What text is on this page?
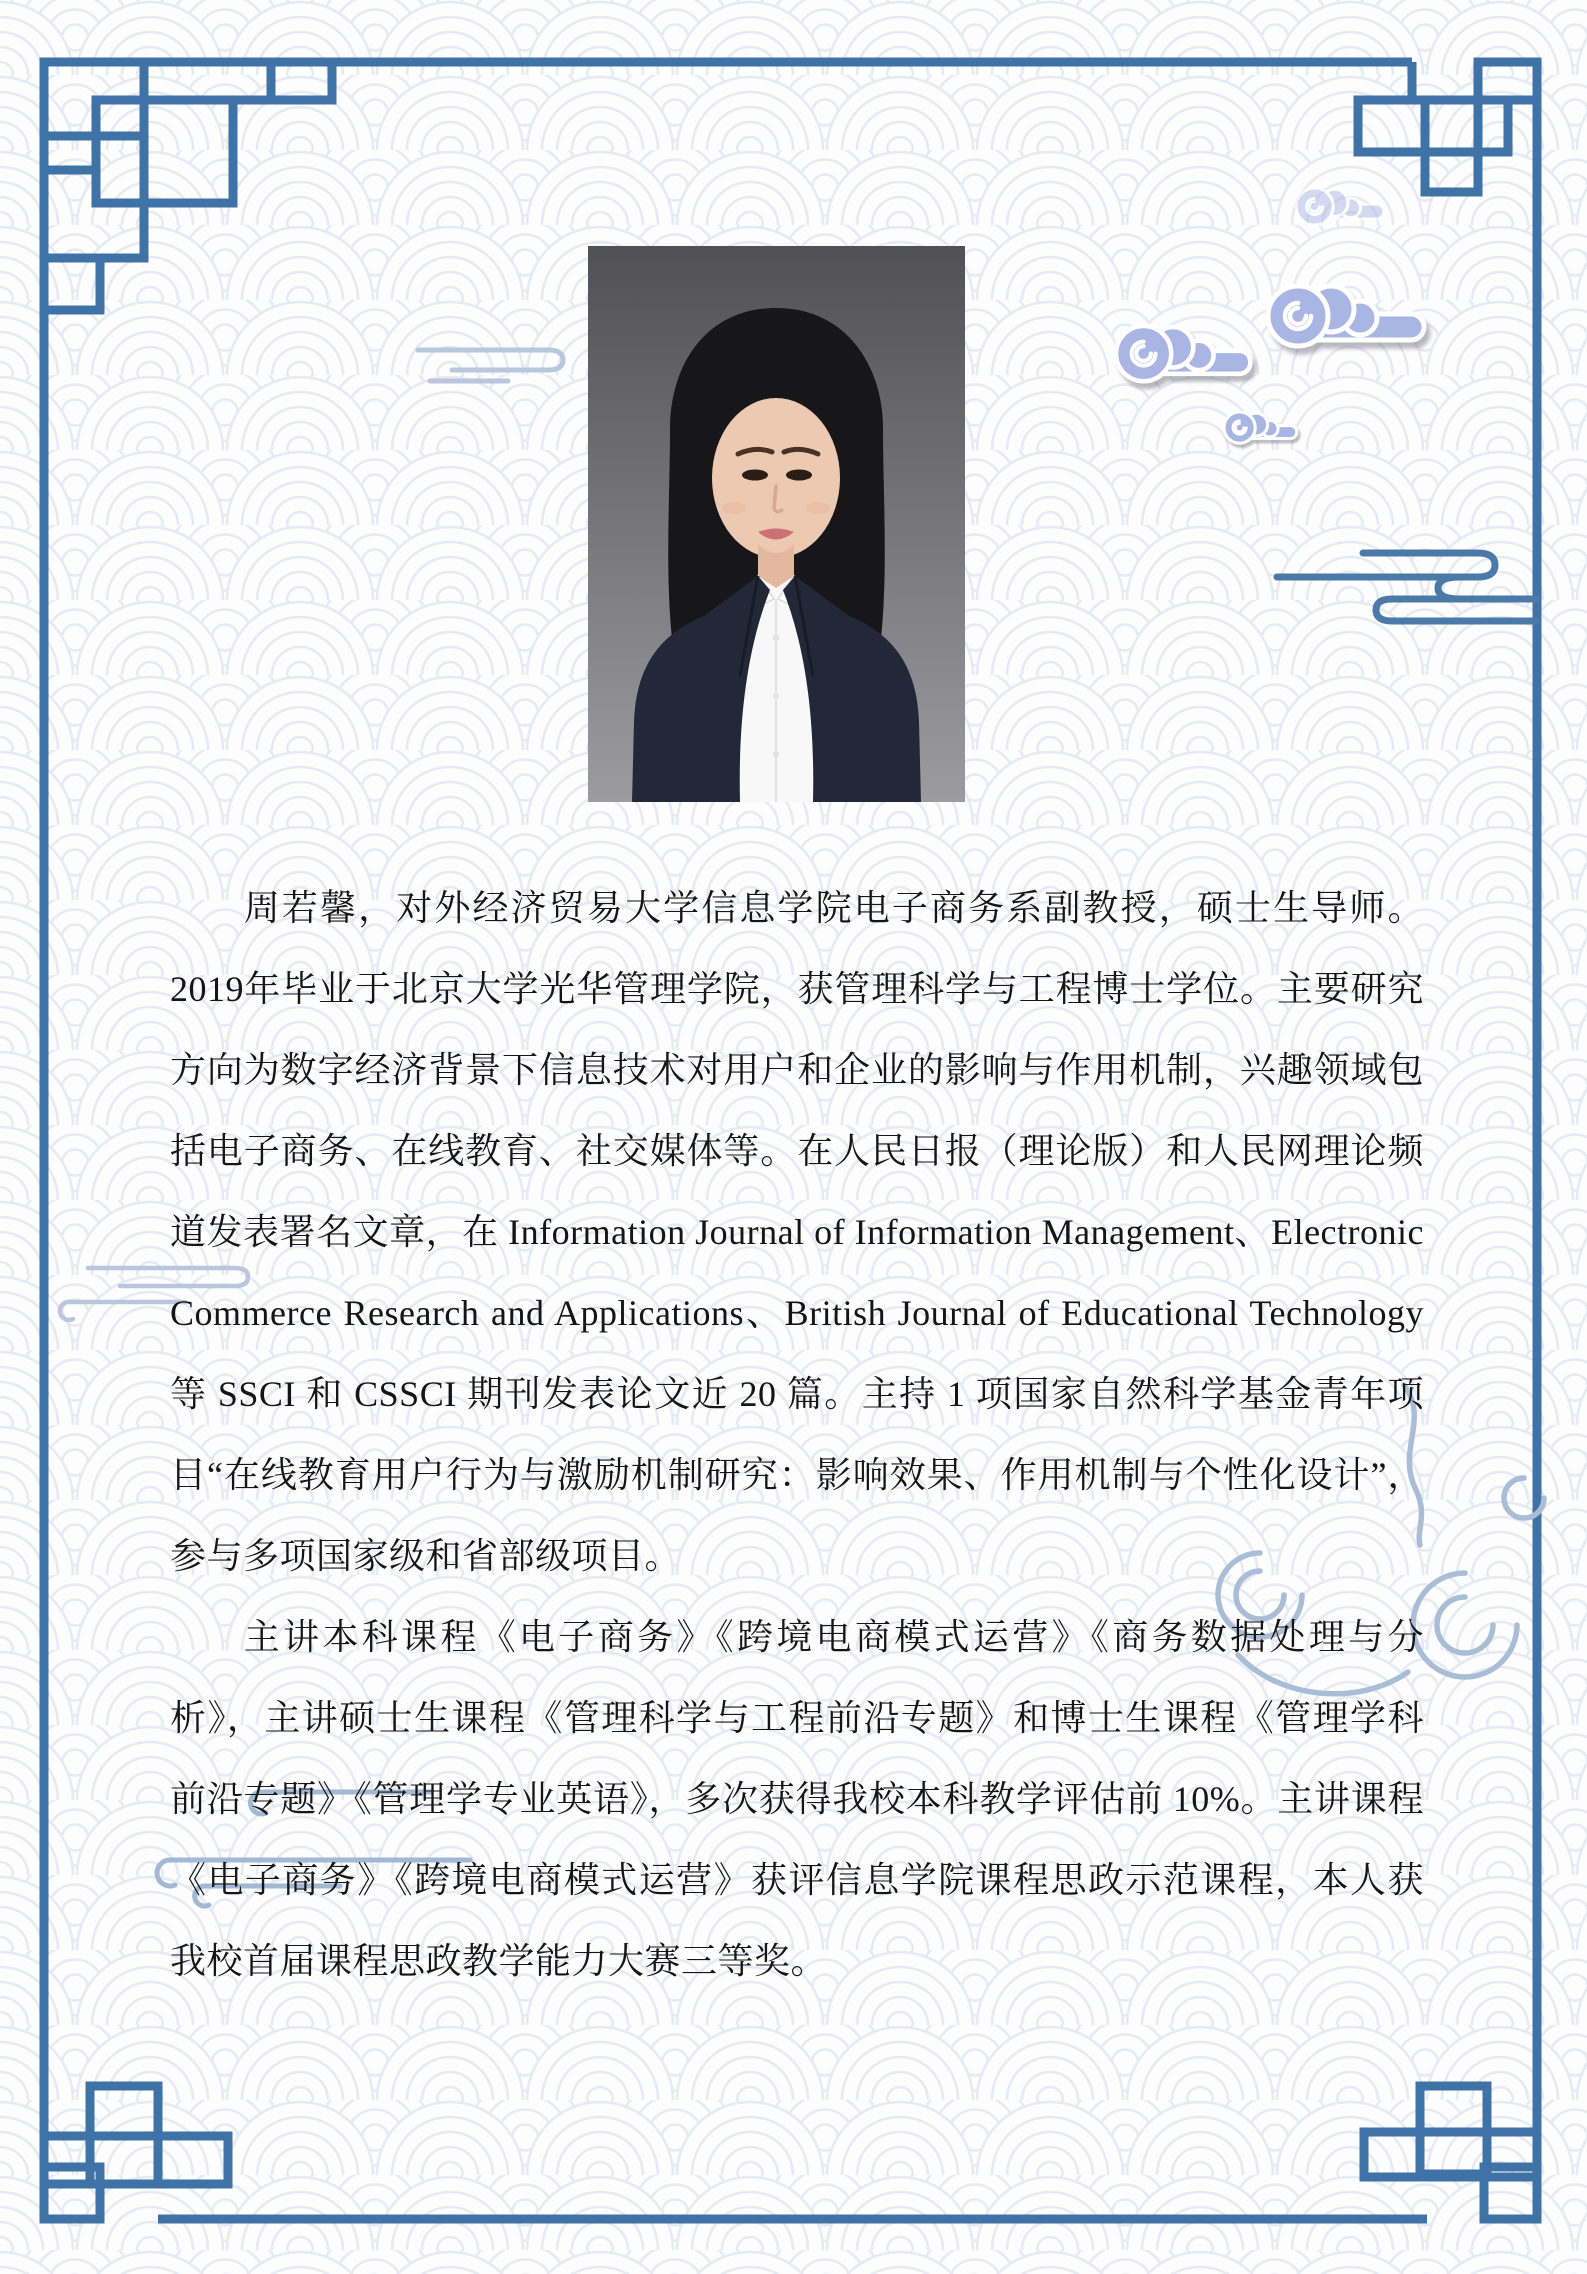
周若馨，对外经济贸易大学信息学院电子商务系副教授，硕士生导师。2019年毕业于北京大学光华管理学院，获管理科学与工程博士学位。主要研究方向为数字经济背景下信息技术对用户和企业的影响与作用机制，兴趣领域包括电子商务、在线教育、社交媒体等。在人民日报（理论版）和人民网理论频道发表署名文章，在 Information Journal of Information Management、Electronic Commerce Research and Applications、British Journal of Educational Technology 等 SSCI 和 CSSCI 期刊发表论文近 20 篇。主持 1 项国家自然科学基金青年项目“在线教育用户行为与激励机制研究：影响效果、作用机制与个性化设计”，参与多项国家级和省部级项目。

主讲本科课程《电子商务》《跨境电商模式运营》《商务数据处理与分析》，主讲硕士生课程《管理科学与工程前沿专题》和博士生课程《管理学科前沿专题》《管理学专业英语》，多次获得我校本科教学评估前 10%。主讲课程《电子商务》《跨境电商模式运营》获评信息学院课程思政示范课程，本人获我校首届课程思政教学能力大赛三等奖。
